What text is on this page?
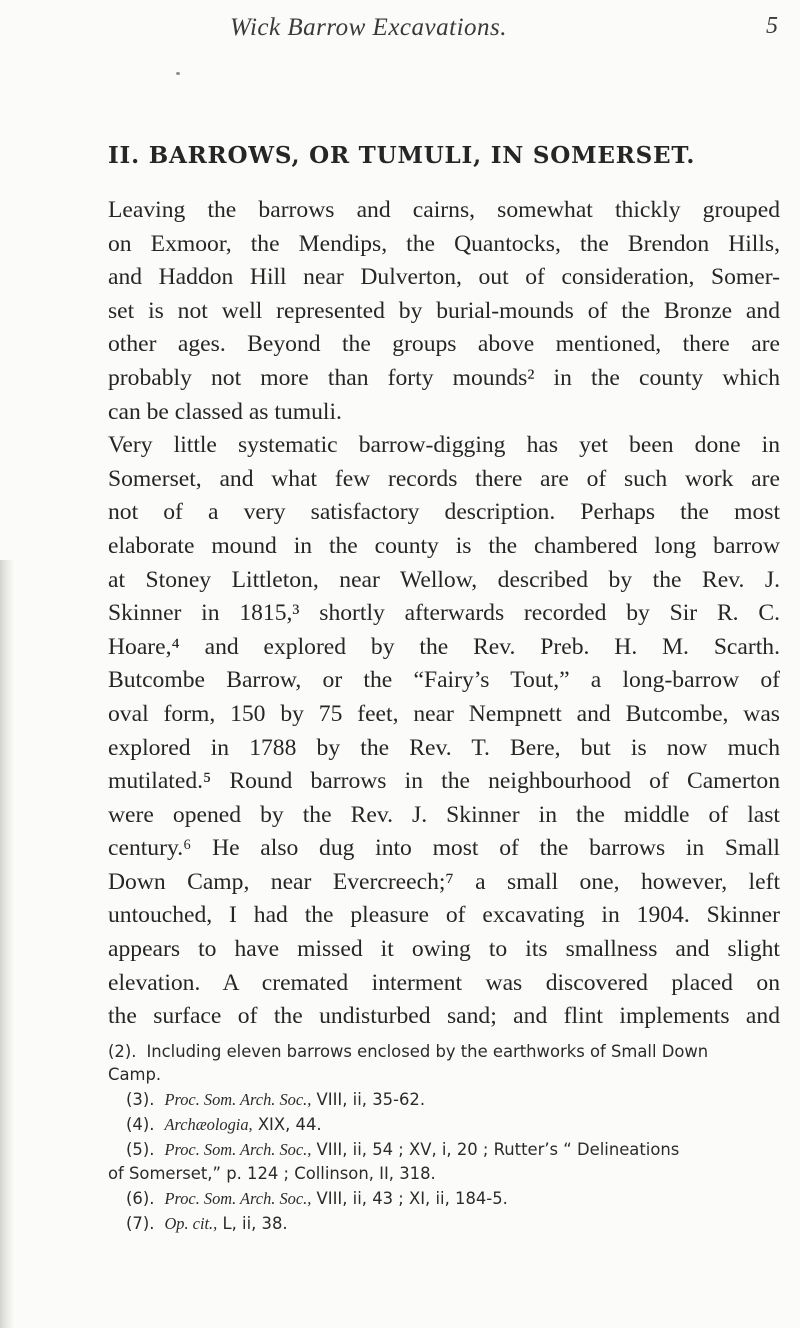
Wick Barrow Excavations.	5
II. BARROWS, OR TUMULI, IN SOMERSET.

Leaving the barrows and cairns, somewhat thickly grouped
on Exmoor, the Mendips, the Quantocks, the Brendon Hills,
and Haddon Hill near Dulverton, out of consideration, Somer-
set is not well represented by burial-mounds of the Bronze and
other ages. Beyond the groups above mentioned, there are
probably not more than forty mounds² in the county which
can be classed as tumuli.

Very little systematic barrow-digging has yet been done in
Somerset, and what few records there are of such work are
not of a very satisfactory description. Perhaps the most
elaborate mound in the county is the chambered long barrow
at Stoney Littleton, near Wellow, described by the Rev. J.
Skinner in 1815,³ shortly afterwards recorded by Sir R. C.
Hoare,⁴ and explored by the Rev. Preb. H. M. Scarth.
Butcombe Barrow, or the “Fairy’s Tout,” a long-barrow of
oval form, 150 by 75 feet, near Nempnett and Butcombe, was
explored in 1788 by the Rev. T. Bere, but is now much
mutilated.⁵ Round barrows in the neighbourhood of Camerton
were opened by the Rev. J. Skinner in the middle of last
century.⁶ He also dug into most of the barrows in Small
Down Camp, near Evercreech;⁷ a small one, however, left
untouched, I had the pleasure of excavating in 1904. Skinner
appears to have missed it owing to its smallness and slight
elevation. A cremated interment was discovered placed on
the surface of the undisturbed sand; and flint implements and

(2). Including eleven barrows enclosed by the earthworks of Small Down
Camp.
(3). Proc. Som. Arch. Soc., VIII, ii, 35-62.
(4). Archæologia, XIX, 44.
(5). Proc. Som. Arch. Soc., VIII, ii, 54 ; XV, i, 20 ; Rutter’s “ Delineations
of Somerset,” p. 124 ; Collinson, II, 318.
(6). Proc. Som. Arch. Soc., VIII, ii, 43 ; XI, ii, 184-5.
(7). Op. cit., L, ii, 38.
